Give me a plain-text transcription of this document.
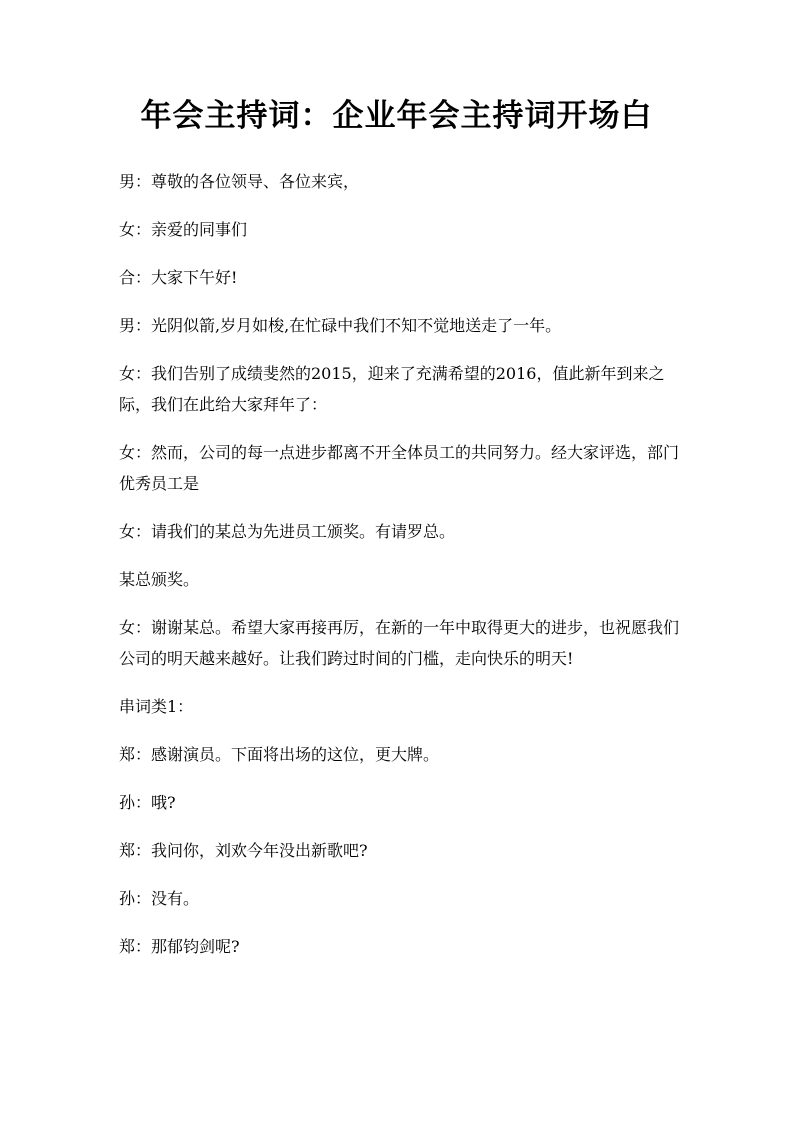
年会主持词：企业年会主持词开场白

男：尊敬的各位领导、各位来宾，

女：亲爱的同事们

合：大家下午好!

男：光阴似箭,岁月如梭,在忙碌中我们不知不觉地送走了一年。

女：我们告别了成绩斐然的2015，迎来了充满希望的2016，值此新年到来之际，我们在此给大家拜年了：

女：然而，公司的每一点进步都离不开全体员工的共同努力。经大家评选，部门优秀员工是

女：请我们的某总为先进员工颁奖。有请罗总。

某总颁奖。

女：谢谢某总。希望大家再接再厉，在新的一年中取得更大的进步，也祝愿我们公司的明天越来越好。让我们跨过时间的门槛，走向快乐的明天!

串词类1：

郑：感谢演员。下面将出场的这位，更大牌。

孙：哦?

郑：我问你，刘欢今年没出新歌吧?

孙：没有。

郑：那郁钧剑呢?
